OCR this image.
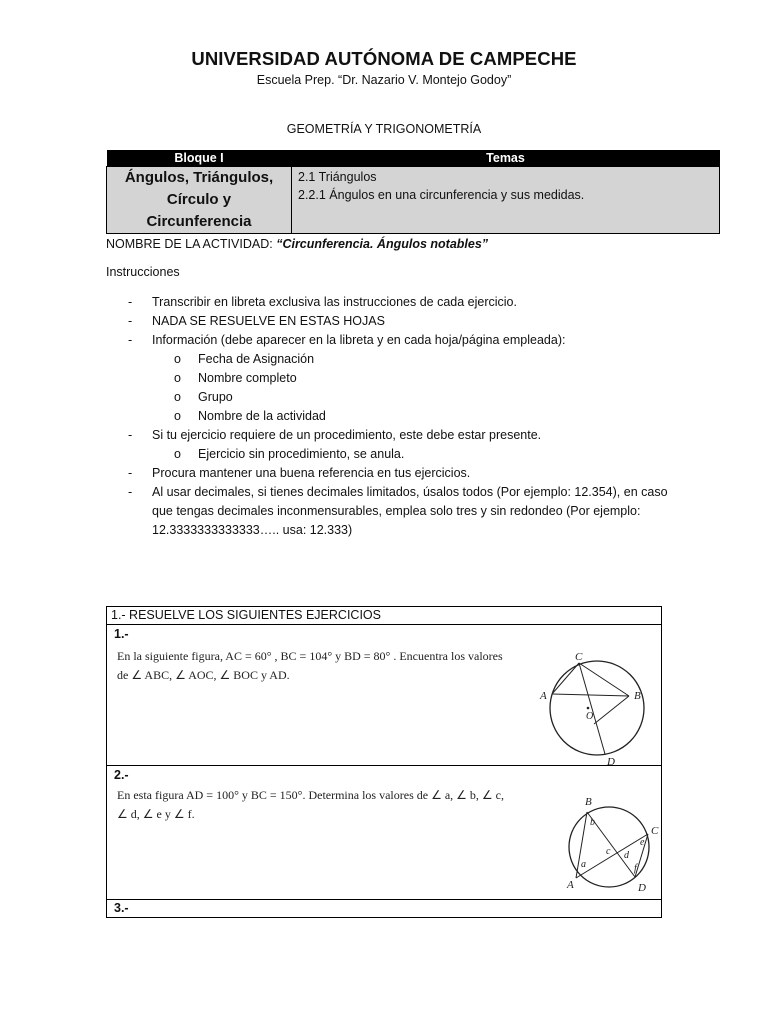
UNIVERSIDAD AUTÓNOMA DE CAMPECHE
Escuela Prep. “Dr. Nazario V. Montejo Godoy”
GEOMETRÍA Y TRIGONOMETRÍA
Bloque I	Temas
Ángulos, Triángulos, Círculo y Circunferencia	2.1 Triángulos
2.2.1 Ángulos en una circunferencia y sus medidas.
NOMBRE DE LA ACTIVIDAD: “Circunferencia. Ángulos notables”
Instrucciones
- Transcribir en libreta exclusiva las instrucciones de cada ejercicio.
- NADA SE RESUELVE EN ESTAS HOJAS
- Información (debe aparecer en la libreta y en cada hoja/página empleada):
o Fecha de Asignación
o Nombre completo
o Grupo
o Nombre de la actividad
- Si tu ejercicio requiere de un procedimiento, este debe estar presente.
o Ejercicio sin procedimiento, se anula.
- Procura mantener una buena referencia en tus ejercicios.
- Al usar decimales, si tienes decimales limitados, úsalos todos (Por ejemplo: 12.354), en caso que tengas decimales inconmensurables, emplea solo tres y sin redondeo (Por ejemplo: 12.3333333333333….. usa: 12.333)
1.- RESUELVE LOS SIGUIENTES EJERCICIOS
1.-
En la siguiente figura, AC = 60° , BC = 104° y BD = 80° . Encuentra los valores
de ∠ ABC, ∠ AOC, ∠ BOC y AD.
C
A	B
O
D
2.-
En esta figura AD = 100° y BC = 150°. Determina los valores de ∠ a, ∠ b, ∠ c,
∠ d, ∠ e y ∠ f.
B
C
A	D
a
b
c d
e
f
3.-
